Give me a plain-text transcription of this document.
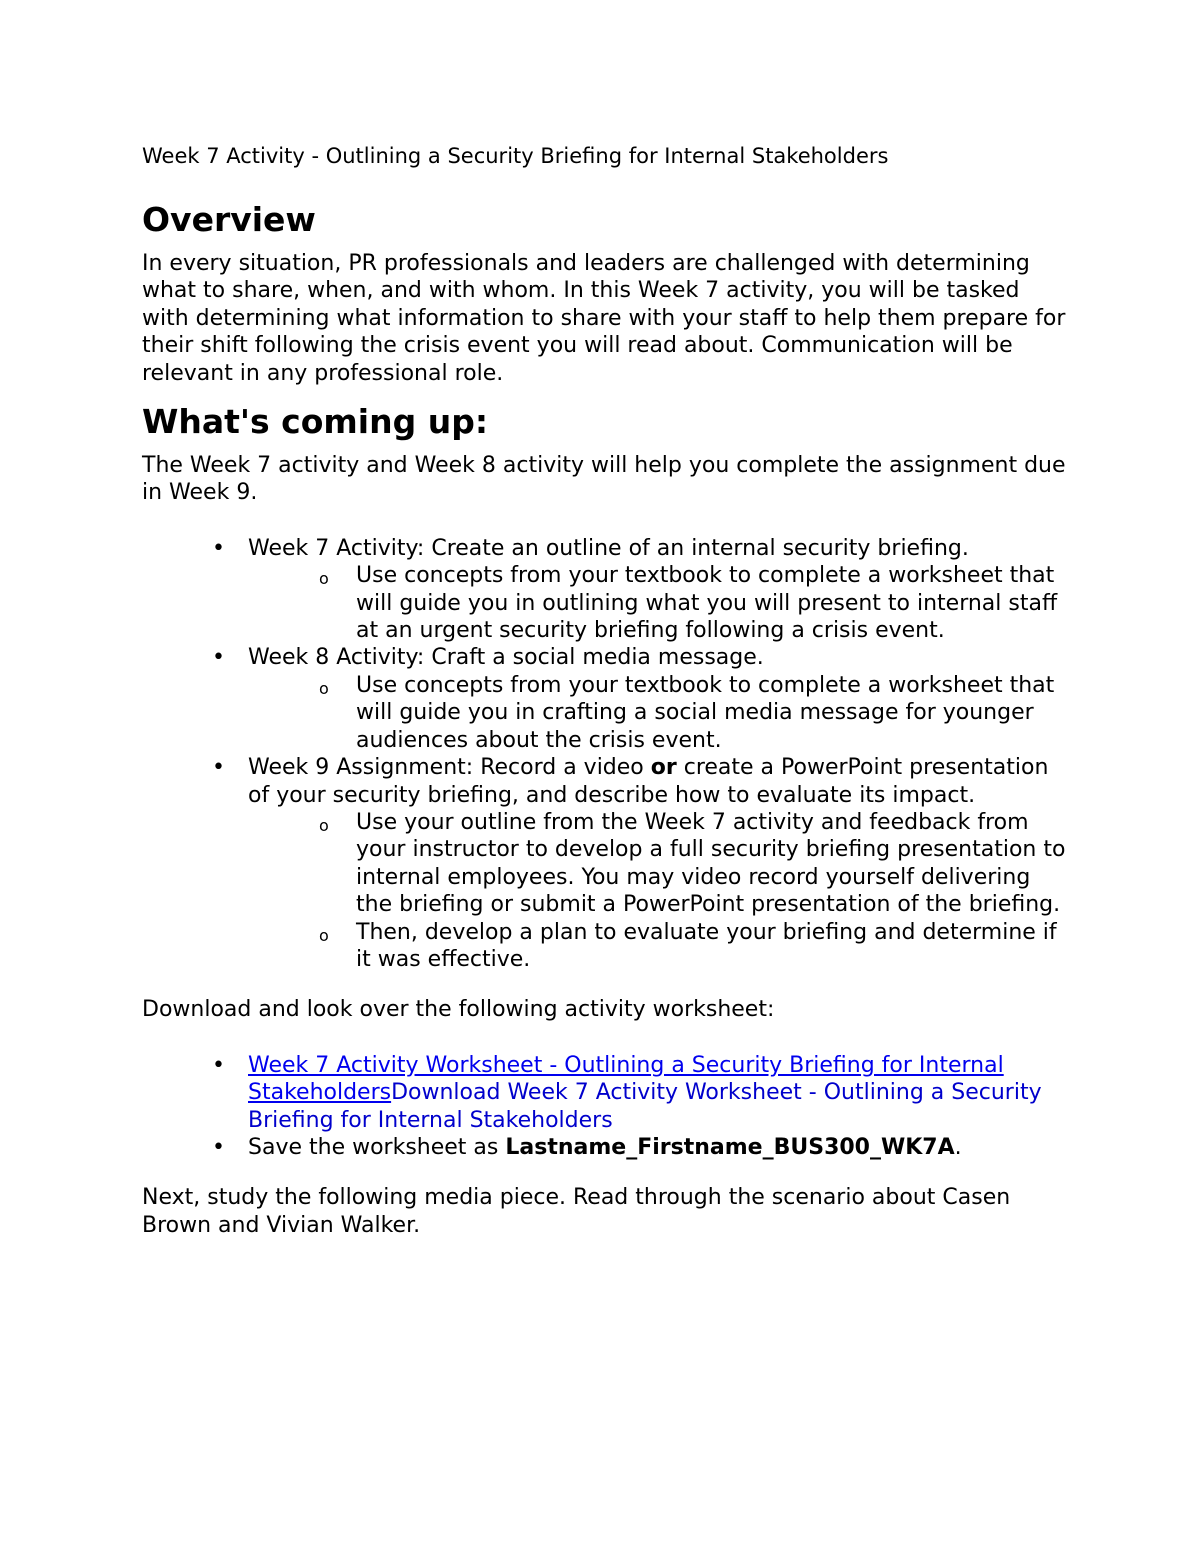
Week 7 Activity - Outlining a Security Briefing for Internal Stakeholders
Overview

In every situation, PR professionals and leaders are challenged with determining what to share, when, and with whom. In this Week 7 activity, you will be tasked with determining what information to share with your staff to help them prepare for their shift following the crisis event you will read about. Communication will be relevant in any professional role.

What's coming up:

The Week 7 activity and Week 8 activity will help you complete the assignment due in Week 9.

• Week 7 Activity: Create an outline of an internal security briefing.
o Use concepts from your textbook to complete a worksheet that will guide you in outlining what you will present to internal staff at an urgent security briefing following a crisis event.
• Week 8 Activity: Craft a social media message.
o Use concepts from your textbook to complete a worksheet that will guide you in crafting a social media message for younger audiences about the crisis event.
• Week 9 Assignment: Record a video or create a PowerPoint presentation of your security briefing, and describe how to evaluate its impact.
o Use your outline from the Week 7 activity and feedback from your instructor to develop a full security briefing presentation to internal employees. You may video record yourself delivering the briefing or submit a PowerPoint presentation of the briefing.
o Then, develop a plan to evaluate your briefing and determine if it was effective.

Download and look over the following activity worksheet:

• Week 7 Activity Worksheet - Outlining a Security Briefing for Internal StakeholdersDownload Week 7 Activity Worksheet - Outlining a Security Briefing for Internal Stakeholders
• Save the worksheet as Lastname_Firstname_BUS300_WK7A.

Next, study the following media piece. Read through the scenario about Casen Brown and Vivian Walker.
